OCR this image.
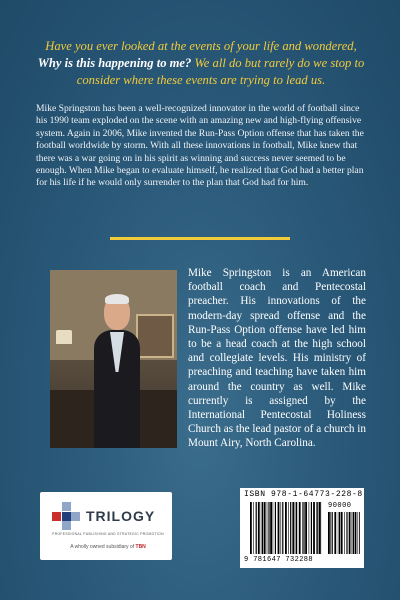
Have you ever looked at the events of your life and wondered,
Why is this happening to me? We all do but rarely do we stop to consider where these events are trying to lead us.
Mike Springston has been a well-recognized innovator in the world of football since his 1990 team exploded on the scene with an amazing new and high-flying offensive system. Again in 2006, Mike invented the Run-Pass Option offense that has taken the football worldwide by storm. With all these innovations in football, Mike knew that there was a war going on in his spirit as winning and success never seemed to be enough. When Mike began to evaluate himself, he realized that God had a better plan for his life if he would only surrender to the plan that God had for him.
Mike Springston is an American football coach and Pentecostal preacher. His innovations of the modern-day spread offense and the Run-Pass Option offense have led him to be a head coach at the high school and collegiate levels. His ministry of preaching and teaching have taken him around the country as well. Mike currently is assigned by the International Pentecostal Holiness Church as the lead pastor of a church in Mount Airy, North Carolina.
TRILOGY
PROFESSIONAL PUBLISHING AND STRATEGIC PROMOTION
A wholly owned subsidiary of TBN
ISBN 978-1-64773-228-8
90000
9 781647 732288
